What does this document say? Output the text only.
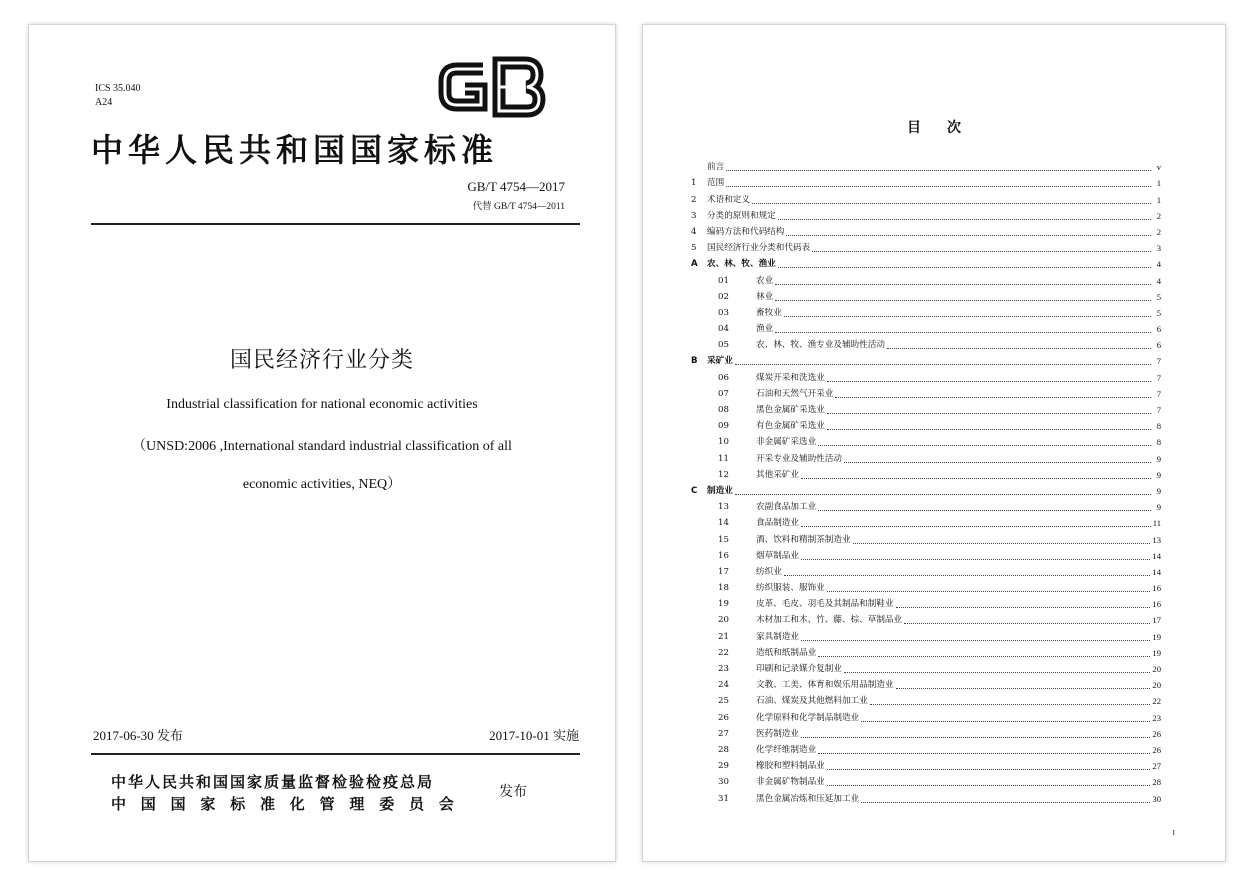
ICS 35.040
A24
中华人民共和国国家标准
GB/T 4754—2017
代替 GB/T 4754—2011
国民经济行业分类
Industrial classification for national economic activities
（UNSD:2006 ,International standard industrial classification of all
economic activities, NEQ）
2017-06-30 发布	2017-10-01 实施
中华人民共和国国家质量监督检验检疫总局
中国国家标准化管理委员会
发布
目次
前言	v
1	范围	1
2	术语和定义	1
3	分类的原则和规定	2
4	编码方法和代码结构	2
5	国民经济行业分类和代码表	3
A	农、林、牧、渔业	4
01	农业	4
02	林业	5
03	畜牧业	5
04	渔业	6
05	农、林、牧、渔专业及辅助性活动	6
B	采矿业	7
06	煤炭开采和洗选业	7
07	石油和天然气开采业	7
08	黑色金属矿采选业	7
09	有色金属矿采选业	8
10	非金属矿采选业	8
11	开采专业及辅助性活动	9
12	其他采矿业	9
C	制造业	9
13	农副食品加工业	9
14	食品制造业	11
15	酒、饮料和精制茶制造业	13
16	烟草制品业	14
17	纺织业	14
18	纺织服装、服饰业	16
19	皮革、毛皮、羽毛及其制品和制鞋业	16
20	木材加工和木、竹、藤、棕、草制品业	17
21	家具制造业	19
22	造纸和纸制品业	19
23	印刷和记录媒介复制业	20
24	文教、工美、体育和娱乐用品制造业	20
25	石油、煤炭及其他燃料加工业	22
26	化学原料和化学制品制造业	23
27	医药制造业	26
28	化学纤维制造业	26
29	橡胶和塑料制品业	27
30	非金属矿物制品业	28
31	黑色金属冶炼和压延加工业	30
I
